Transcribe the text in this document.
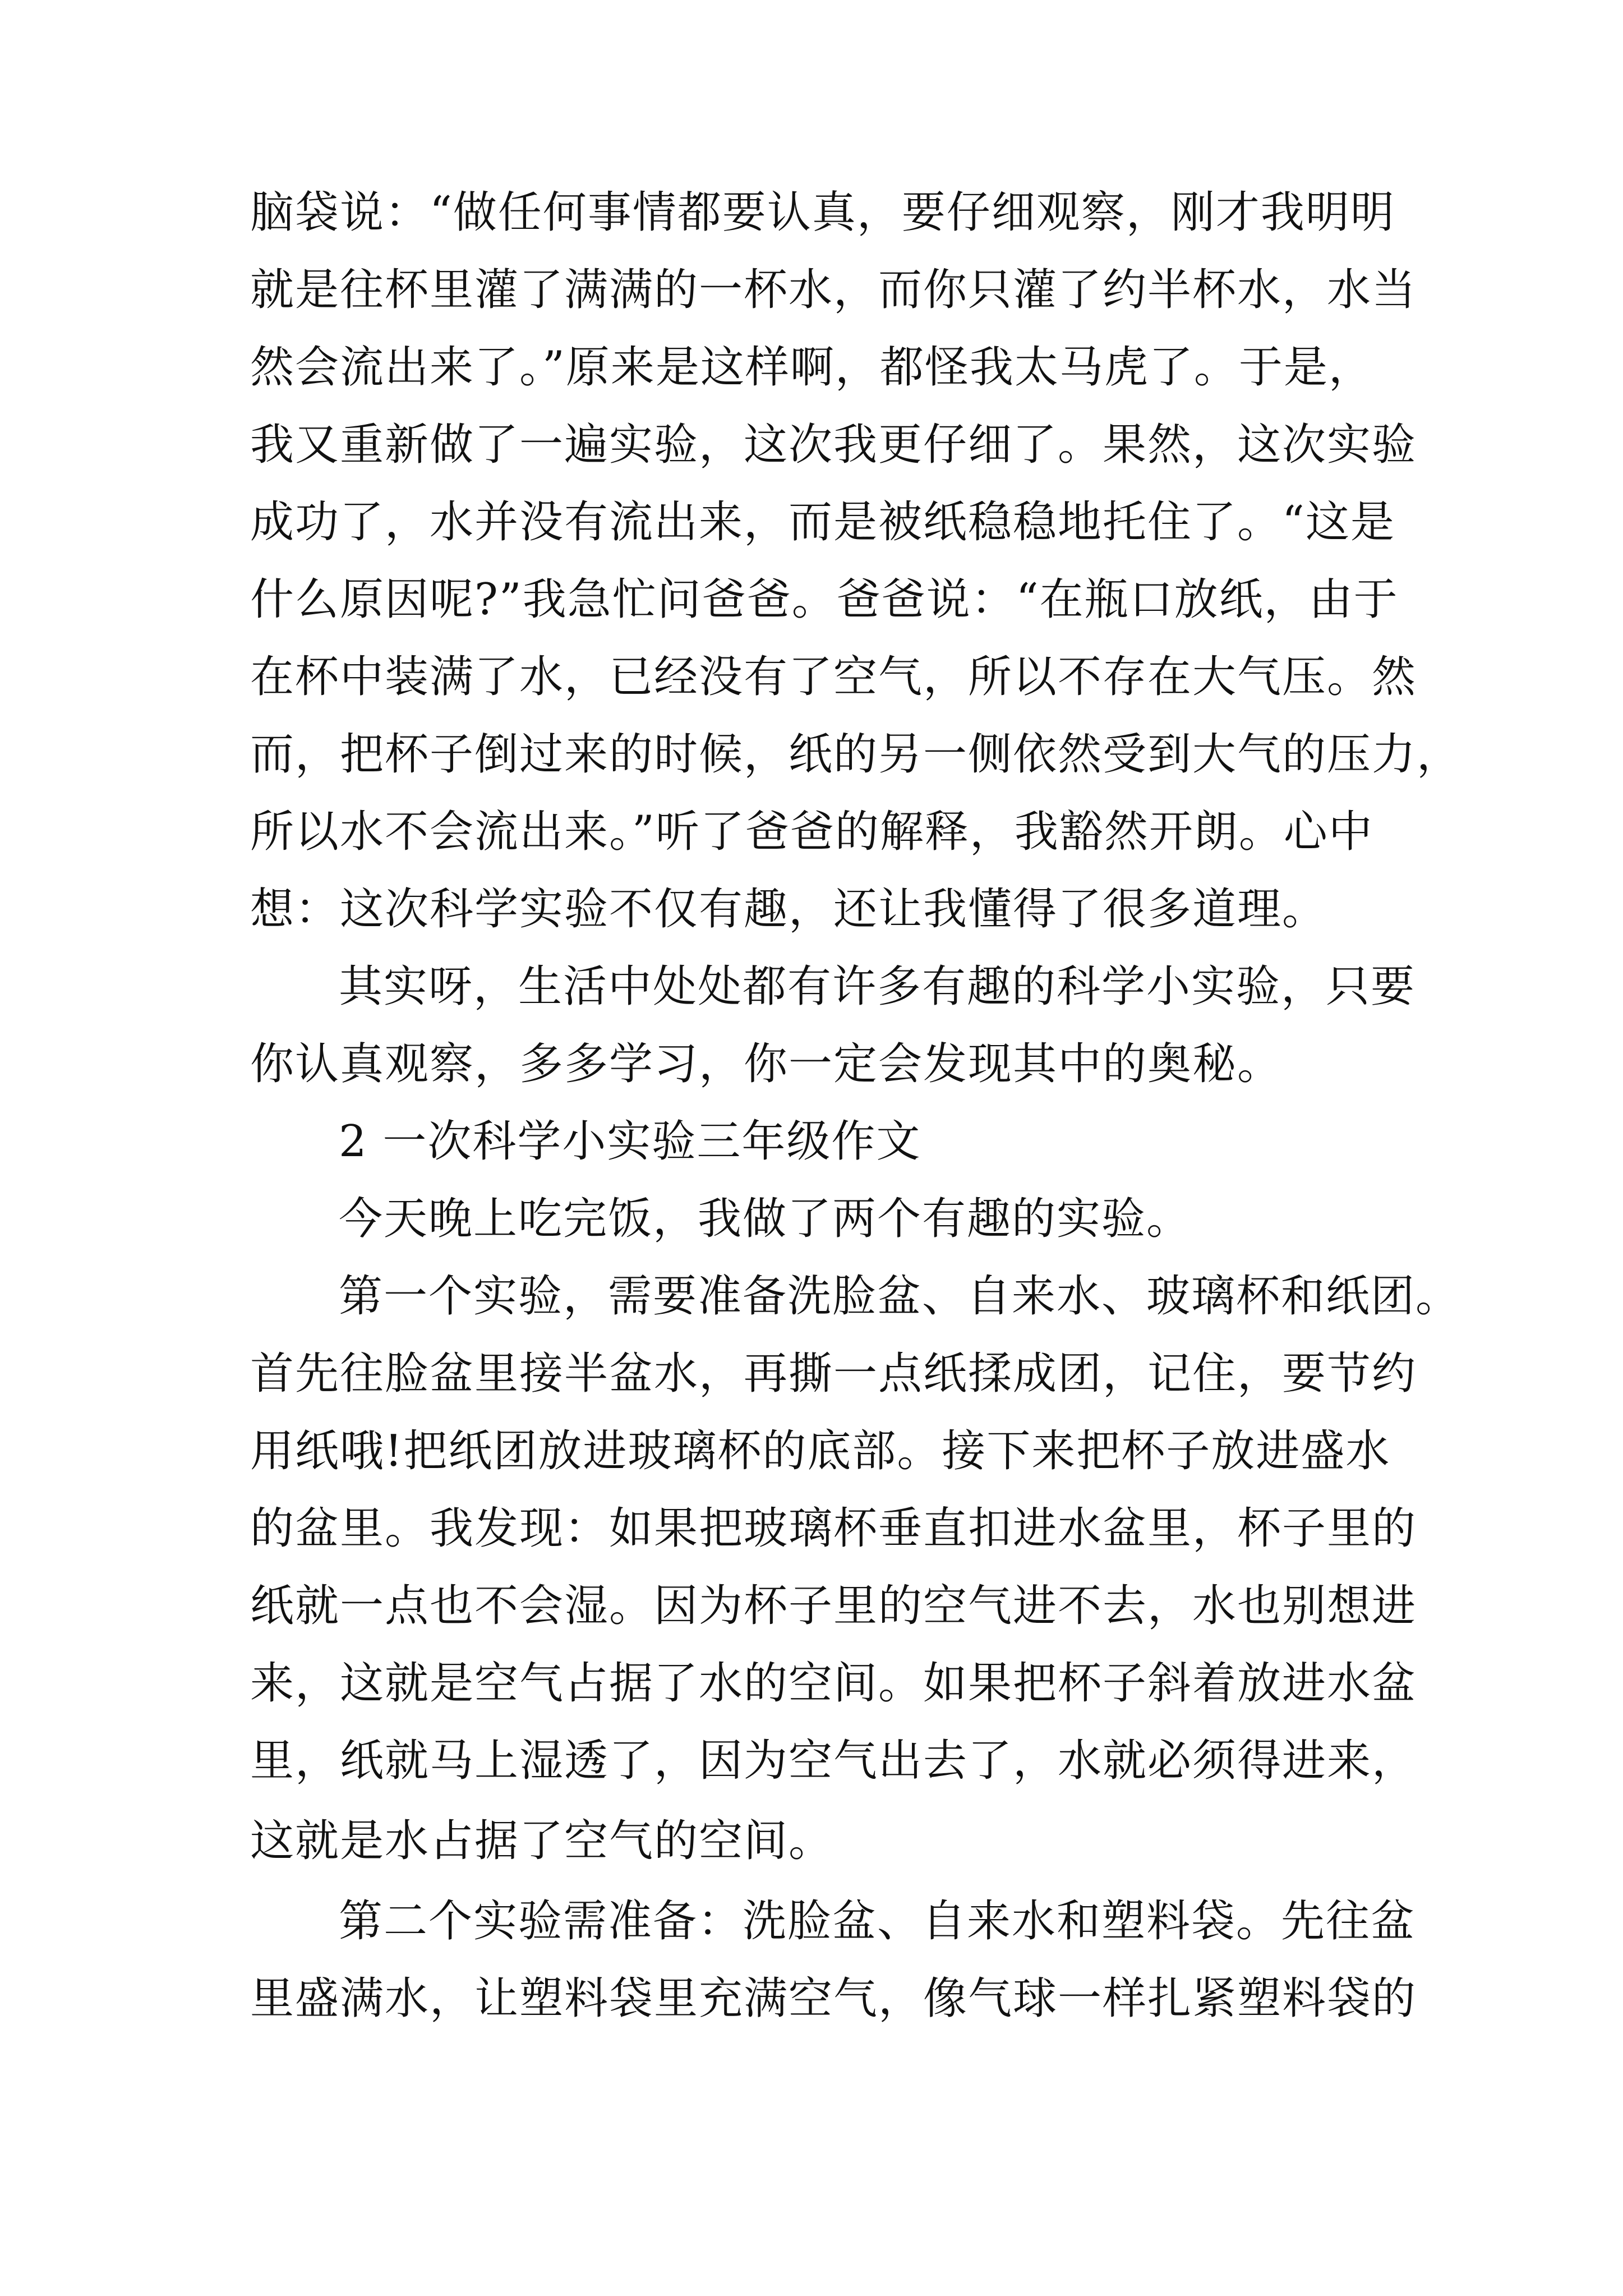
脑袋说：“做任何事情都要认真，要仔细观察，刚才我明明
就是往杯里灌了满满的一杯水，而你只灌了约半杯水，水当
然会流出来了。”原来是这样啊，都怪我太马虎了。于是，
我又重新做了一遍实验，这次我更仔细了。果然，这次实验
成功了，水并没有流出来，而是被纸稳稳地托住了。“这是
什么原因呢?”我急忙问爸爸。爸爸说：“在瓶口放纸，由于
在杯中装满了水，已经没有了空气，所以不存在大气压。然
而，把杯子倒过来的时候，纸的另一侧依然受到大气的压力，
所以水不会流出来。”听了爸爸的解释，我豁然开朗。心中
想：这次科学实验不仅有趣，还让我懂得了很多道理。
其实呀，生活中处处都有许多有趣的科学小实验，只要
你认真观察，多多学习，你一定会发现其中的奥秘。
2 一次科学小实验三年级作文
今天晚上吃完饭，我做了两个有趣的实验。
第一个实验，需要准备洗脸盆、自来水、玻璃杯和纸团。
首先往脸盆里接半盆水，再撕一点纸揉成团，记住，要节约
用纸哦!把纸团放进玻璃杯的底部。接下来把杯子放进盛水
的盆里。我发现：如果把玻璃杯垂直扣进水盆里，杯子里的
纸就一点也不会湿。因为杯子里的空气进不去，水也别想进
来，这就是空气占据了水的空间。如果把杯子斜着放进水盆
里，纸就马上湿透了，因为空气出去了，水就必须得进来，
这就是水占据了空气的空间。
第二个实验需准备：洗脸盆、自来水和塑料袋。先往盆
里盛满水，让塑料袋里充满空气，像气球一样扎紧塑料袋的
